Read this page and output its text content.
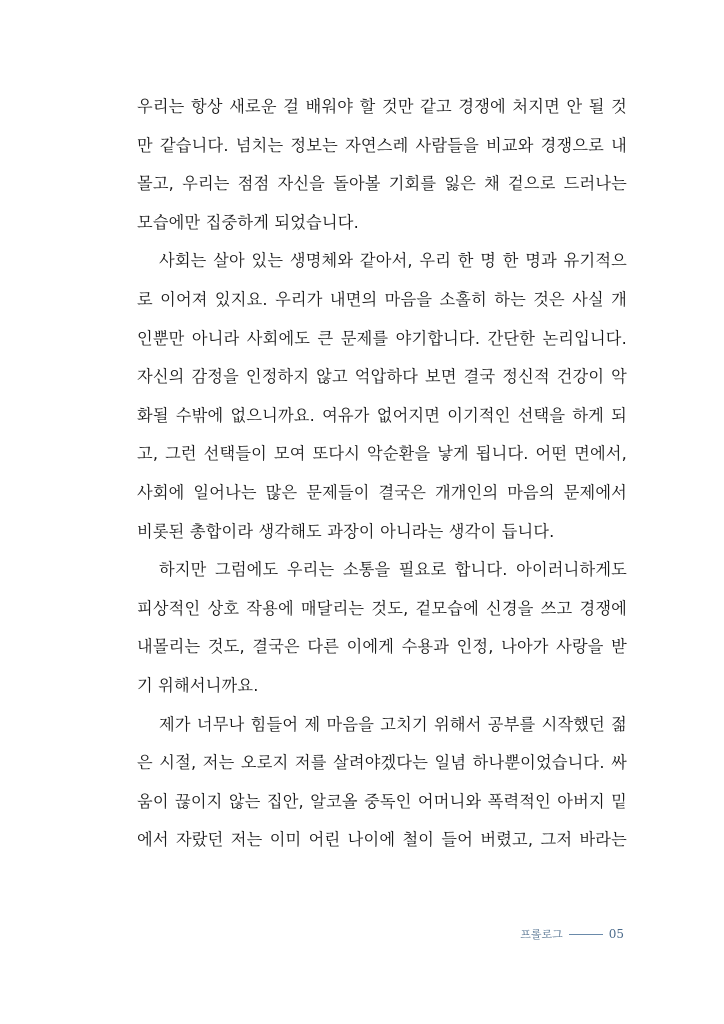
우리는 항상 새로운 걸 배워야 할 것만 같고 경쟁에 처지면 안 될 것
만 같습니다. 넘치는 정보는 자연스레 사람들을 비교와 경쟁으로 내
몰고, 우리는 점점 자신을 돌아볼 기회를 잃은 채 겉으로 드러나는
모습에만 집중하게 되었습니다.
사회는 살아 있는 생명체와 같아서, 우리 한 명 한 명과 유기적으
로 이어져 있지요. 우리가 내면의 마음을 소홀히 하는 것은 사실 개
인뿐만 아니라 사회에도 큰 문제를 야기합니다. 간단한 논리입니다.
자신의 감정을 인정하지 않고 억압하다 보면 결국 정신적 건강이 악
화될 수밖에 없으니까요. 여유가 없어지면 이기적인 선택을 하게 되
고, 그런 선택들이 모여 또다시 악순환을 낳게 됩니다. 어떤 면에서,
사회에 일어나는 많은 문제들이 결국은 개개인의 마음의 문제에서
비롯된 총합이라 생각해도 과장이 아니라는 생각이 듭니다.
하지만 그럼에도 우리는 소통을 필요로 합니다. 아이러니하게도
피상적인 상호 작용에 매달리는 것도, 겉모습에 신경을 쓰고 경쟁에
내몰리는 것도, 결국은 다른 이에게 수용과 인정, 나아가 사랑을 받
기 위해서니까요.
제가 너무나 힘들어 제 마음을 고치기 위해서 공부를 시작했던 젊
은 시절, 저는 오로지 저를 살려야겠다는 일념 하나뿐이었습니다. 싸
움이 끊이지 않는 집안, 알코올 중독인 어머니와 폭력적인 아버지 밑
에서 자랐던 저는 이미 어린 나이에 철이 들어 버렸고, 그저 바라는
프롤로그	05
